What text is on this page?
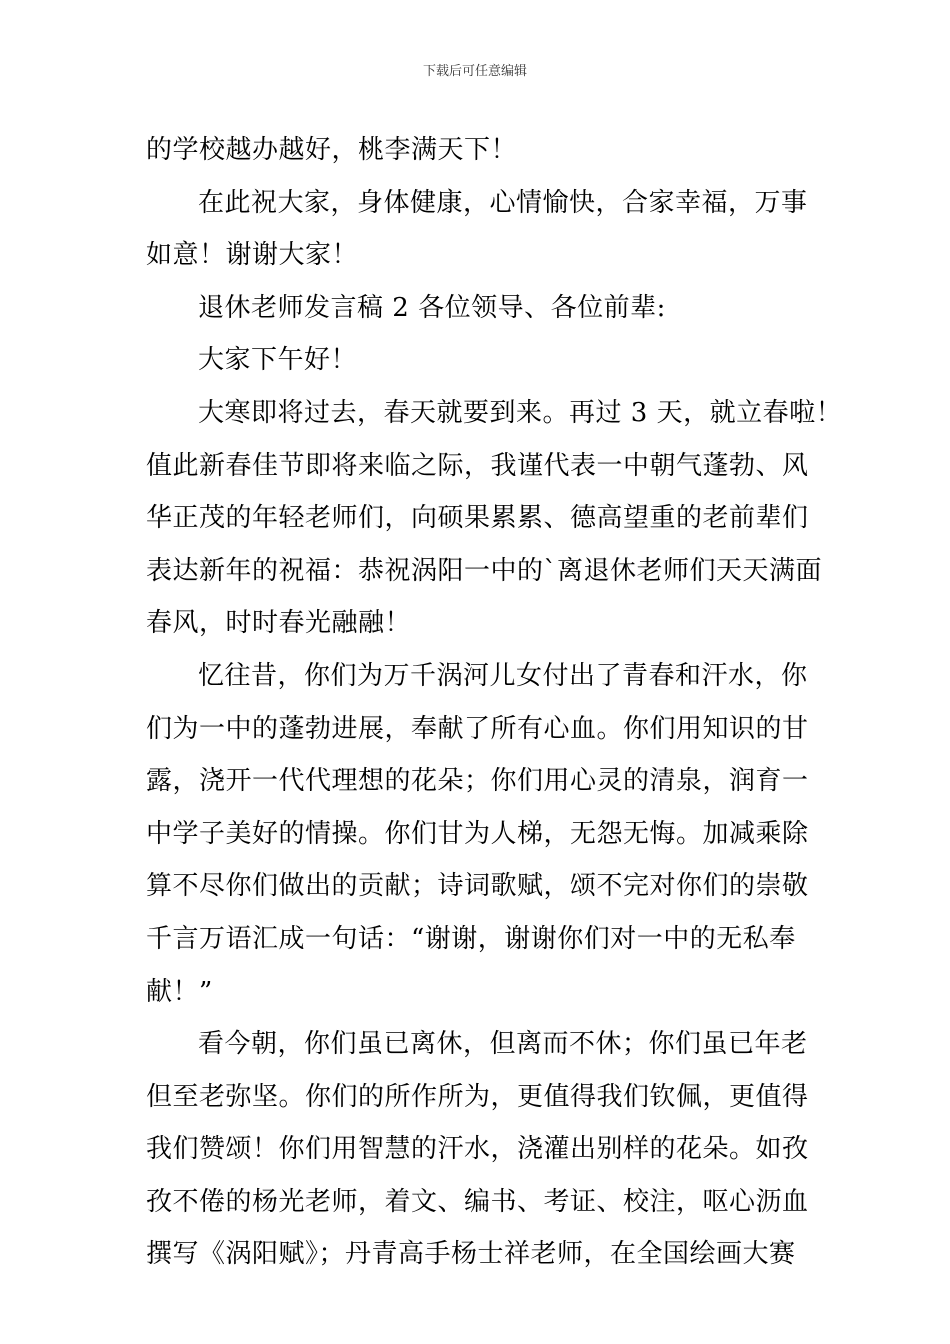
下载后可任意编辑
的学校越办越好，桃李满天下！
在此祝大家，身体健康，心情愉快，合家幸福，万事
如意！谢谢大家！
退休老师发言稿 2 各位领导、各位前辈:
大家下午好！
大寒即将过去，春天就要到来。再过 3 天，就立春啦！
值此新春佳节即将来临之际，我谨代表一中朝气蓬勃、风
华正茂的年轻老师们，向硕果累累、德高望重的老前辈们
表达新年的祝福：恭祝涡阳一中的`离退休老师们天天满面
春风，时时春光融融！
忆往昔，你们为万千涡河儿女付出了青春和汗水，你
们为一中的蓬勃进展，奉献了所有心血。你们用知识的甘
露，浇开一代代理想的花朵；你们用心灵的清泉，润育一
中学子美好的情操。你们甘为人梯，无怨无悔。加减乘除
算不尽你们做出的贡献；诗词歌赋，颂不完对你们的崇敬
千言万语汇成一句话：“谢谢，谢谢你们对一中的无私奉
献！”
看今朝，你们虽已离休，但离而不休；你们虽已年老
但至老弥坚。你们的所作所为，更值得我们钦佩，更值得
我们赞颂！你们用智慧的汗水，浇灌出别样的花朵。如孜
孜不倦的杨光老师，着文、编书、考证、校注，呕心沥血
撰写《涡阳赋》；丹青高手杨士祥老师，在全国绘画大赛
